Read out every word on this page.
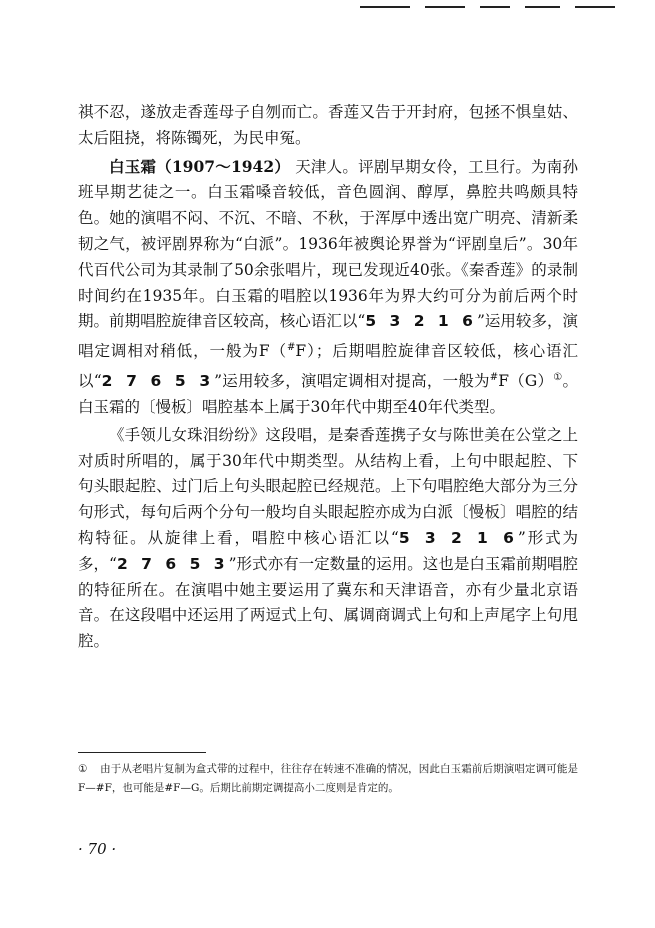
祺不忍，遂放走香莲母子自刎而亡。香莲又告于开封府，包拯不惧皇姑、太后阻挠，将陈镯死，为民申冤。

白玉霜（1907～1942） 天津人。评剧早期女伶，工旦行。为南孙班早期艺徒之一。白玉霜嗓音较低，音色圆润、醇厚，鼻腔共鸣颇具特色。她的演唱不闷、不沉、不暗、不秋，于浑厚中透出宽广明亮、清新柔韧之气，被评剧界称为“白派”。1936年被舆论界誉为“评剧皇后”。30年代百代公司为其录制了50余张唱片，现已发现近40张。《秦香莲》的录制时间约在1935年。白玉霜的唱腔以1936年为界大约可分为前后两个时期。前期唱腔旋律音区较高，核心语汇以“5 3 2 1 6”运用较多，演唱定调相对稍低，一般为F（#F）；后期唱腔旋律音区较低，核心语汇以“2 7 6 5 3”运用较多，演唱定调相对提高，一般为#F（G）①。白玉霜的〔慢板〕唱腔基本上属于30年代中期至40年代类型。

《手领儿女珠泪纷纷》这段唱，是秦香莲携子女与陈世美在公堂之上对质时所唱的，属于30年代中期类型。从结构上看，上句中眼起腔、下句头眼起腔、过门后上句头眼起腔已经规范。上下句唱腔绝大部分为三分句形式，每句后两个分句一般均自头眼起腔亦成为白派〔慢板〕唱腔的结构特征。从旋律上看，唱腔中核心语汇以“5 3 2 1 6”形式为多，“2 7 6 5 3”形式亦有一定数量的运用。这也是白玉霜前期唱腔的特征所在。在演唱中她主要运用了冀东和天津语音，亦有少量北京语音。在这段唱中还运用了两逗式上句、属调商调式上句和上声尾字上句甩腔。

① 由于从老唱片复制为盒式带的过程中，往往存在转速不准确的情况，因此白玉霜前后期演唱定调可能是F—#F，也可能是#F—G。后期比前期定调提高小二度则是肯定的。
· 70 ·
